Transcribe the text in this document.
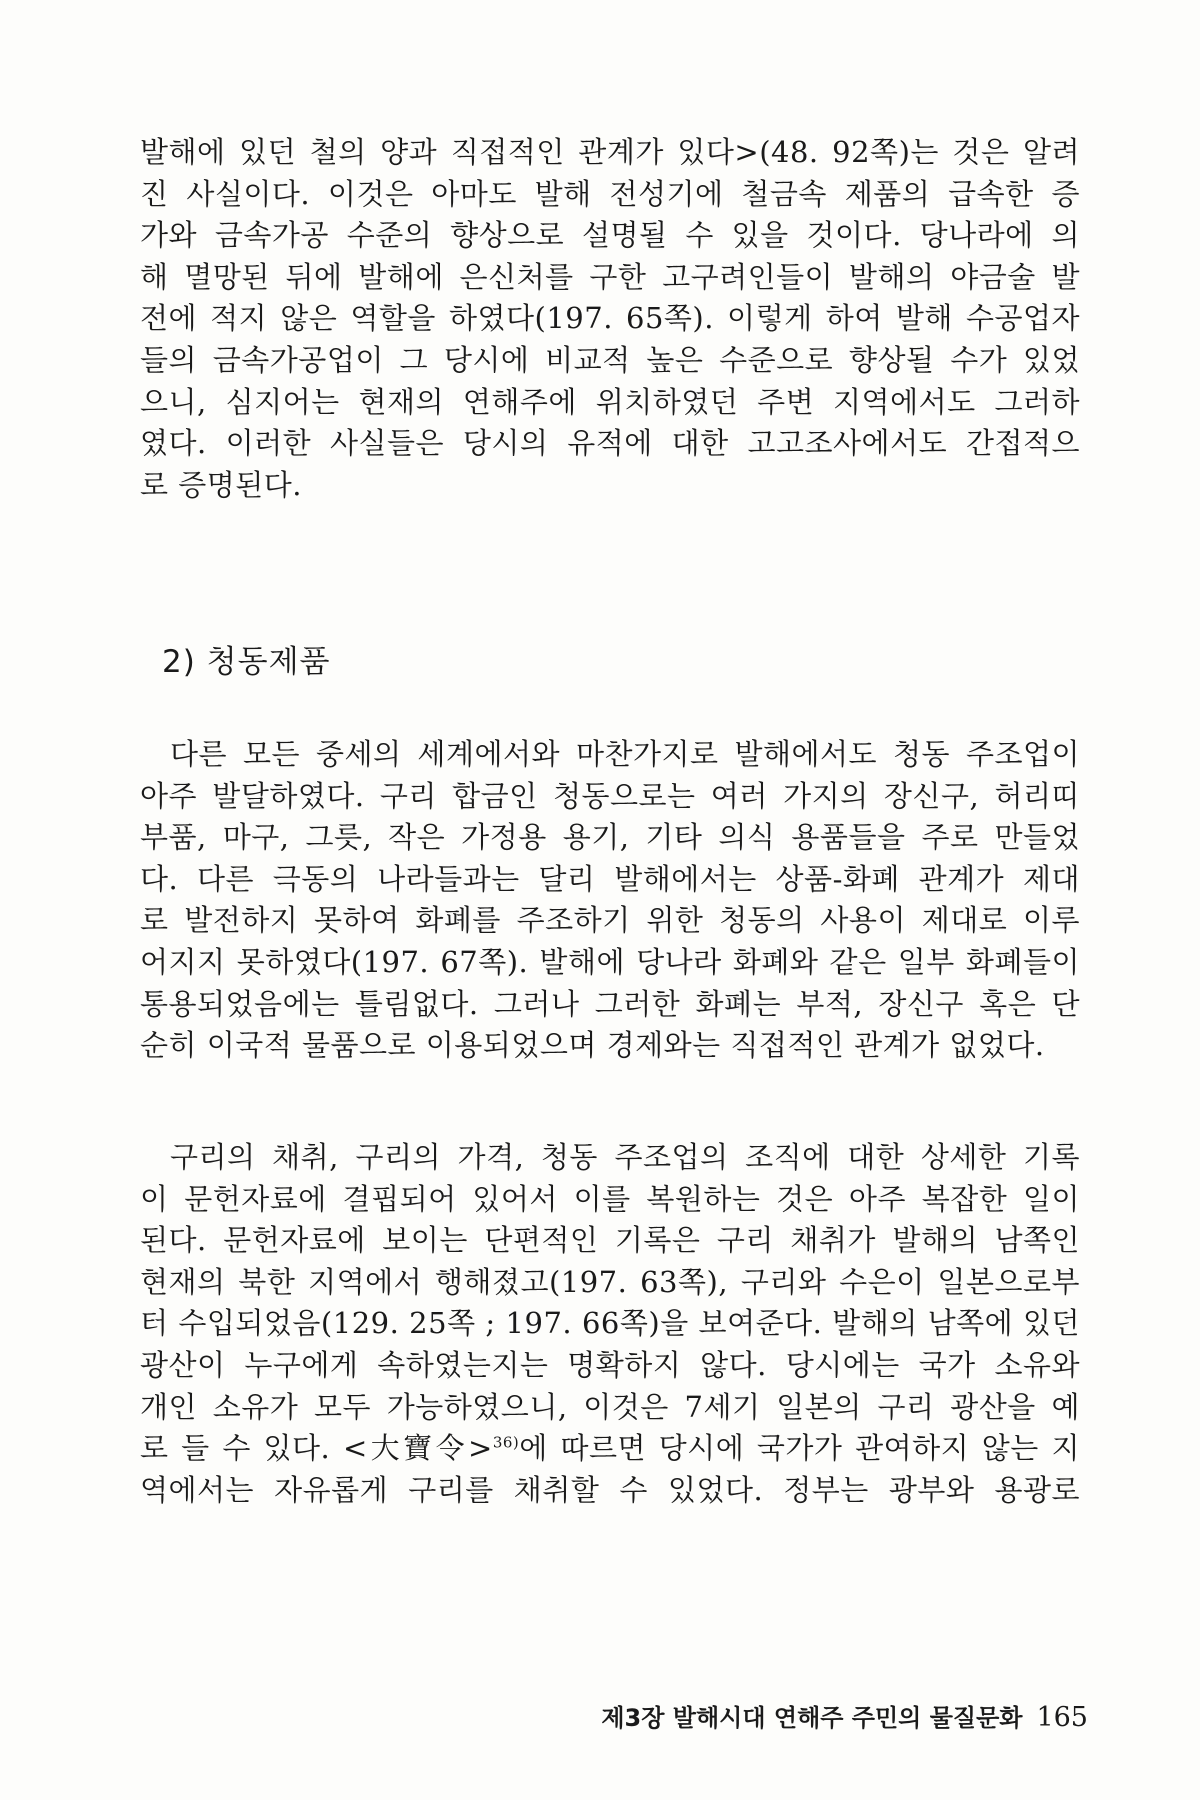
발해에 있던 철의 양과 직접적인 관계가 있다>(48. 92쪽)는 것은 알려
진 사실이다. 이것은 아마도 발해 전성기에 철금속 제품의 급속한 증
가와 금속가공 수준의 향상으로 설명될 수 있을 것이다. 당나라에 의
해 멸망된 뒤에 발해에 은신처를 구한 고구려인들이 발해의 야금술 발
전에 적지 않은 역할을 하였다(197. 65쪽). 이렇게 하여 발해 수공업자
들의 금속가공업이 그 당시에 비교적 높은 수준으로 향상될 수가 있었
으니, 심지어는 현재의 연해주에 위치하였던 주변 지역에서도 그러하
였다. 이러한 사실들은 당시의 유적에 대한 고고조사에서도 간접적으
로 증명된다.
2) 청동제품
다른 모든 중세의 세계에서와 마찬가지로 발해에서도 청동 주조업이
아주 발달하였다. 구리 합금인 청동으로는 여러 가지의 장신구, 허리띠
부품, 마구, 그릇, 작은 가정용 용기, 기타 의식 용품들을 주로 만들었
다. 다른 극동의 나라들과는 달리 발해에서는 상품-화폐 관계가 제대
로 발전하지 못하여 화폐를 주조하기 위한 청동의 사용이 제대로 이루
어지지 못하였다(197. 67쪽). 발해에 당나라 화폐와 같은 일부 화폐들이
통용되었음에는 틀림없다. 그러나 그러한 화폐는 부적, 장신구 혹은 단
순히 이국적 물품으로 이용되었으며 경제와는 직접적인 관계가 없었다.
구리의 채취, 구리의 가격, 청동 주조업의 조직에 대한 상세한 기록
이 문헌자료에 결핍되어 있어서 이를 복원하는 것은 아주 복잡한 일이
된다. 문헌자료에 보이는 단편적인 기록은 구리 채취가 발해의 남쪽인
현재의 북한 지역에서 행해졌고(197. 63쪽), 구리와 수은이 일본으로부
터 수입되었음(129. 25쪽 ; 197. 66쪽)을 보여준다. 발해의 남쪽에 있던
광산이 누구에게 속하였는지는 명확하지 않다. 당시에는 국가 소유와
개인 소유가 모두 가능하였으니, 이것은 7세기 일본의 구리 광산을 예
로 들 수 있다. <大寶令>$^{36)}$에 따르면 당시에 국가가 관여하지 않는 지
역에서는 자유롭게 구리를 채취할 수 있었다. 정부는 광부와 용광로
제3장 발해시대 연해주 주민의 물질문화 165
